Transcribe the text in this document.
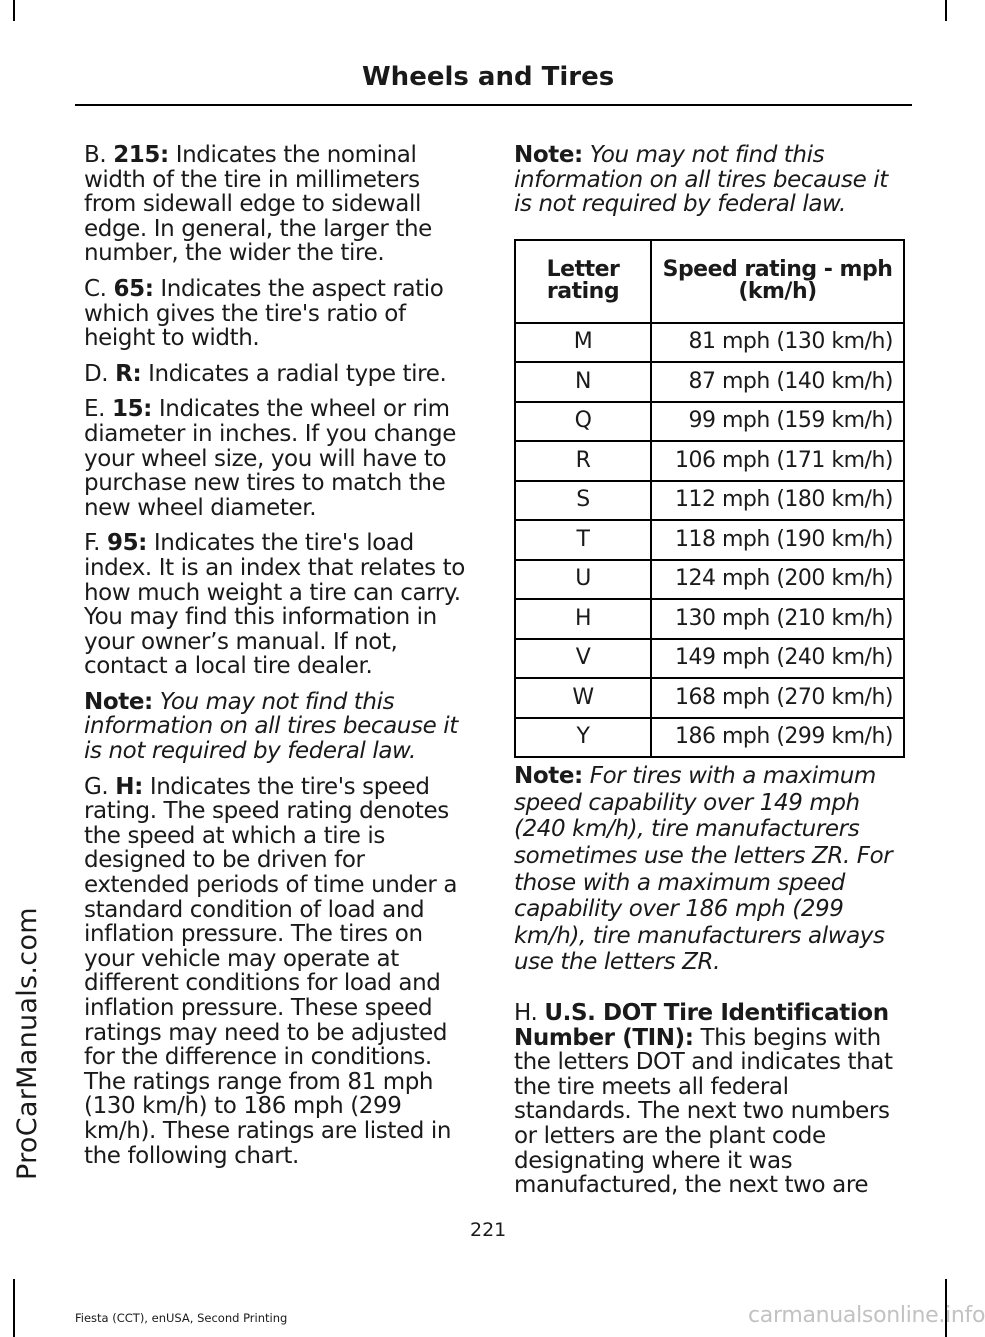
ProCarManuals.com
Wheels and Tires
B. 215: Indicates the nominal width of the tire in millimeters from sidewall edge to sidewall edge. In general, the larger the number, the wider the tire.
C. 65: Indicates the aspect ratio which gives the tire's ratio of height to width.
D. R: Indicates a radial type tire.
E. 15: Indicates the wheel or rim diameter in inches. If you change your wheel size, you will have to purchase new tires to match the new wheel diameter.
F. 95: Indicates the tire's load index. It is an index that relates to how much weight a tire can carry. You may find this information in your owner’s manual. If not, contact a local tire dealer.
Note: You may not find this information on all tires because it is not required by federal law.
G. H: Indicates the tire's speed rating. The speed rating denotes the speed at which a tire is designed to be driven for extended periods of time under a standard condition of load and inflation pressure. The tires on your vehicle may operate at different conditions for load and inflation pressure. These speed ratings may need to be adjusted for the difference in conditions. The ratings range from 81 mph (130 km/h) to 186 mph (299 km/h). These ratings are listed in the following chart.
Note: You may not find this information on all tires because it is not required by federal law.
Letter rating	Speed rating - mph (km/h)
M	81 mph (130 km/h)
N	87 mph (140 km/h)
Q	99 mph (159 km/h)
R	106 mph (171 km/h)
S	112 mph (180 km/h)
T	118 mph (190 km/h)
U	124 mph (200 km/h)
H	130 mph (210 km/h)
V	149 mph (240 km/h)
W	168 mph (270 km/h)
Y	186 mph (299 km/h)
Note: For tires with a maximum speed capability over 149 mph (240 km/h), tire manufacturers sometimes use the letters ZR. For those with a maximum speed capability over 186 mph (299 km/h), tire manufacturers always use the letters ZR.
H. U.S. DOT Tire Identification Number (TIN): This begins with the letters DOT and indicates that the tire meets all federal standards. The next two numbers or letters are the plant code designating where it was manufactured, the next two are
221
Fiesta (CCT), enUSA, Second Printing	carmanualsonline.info
